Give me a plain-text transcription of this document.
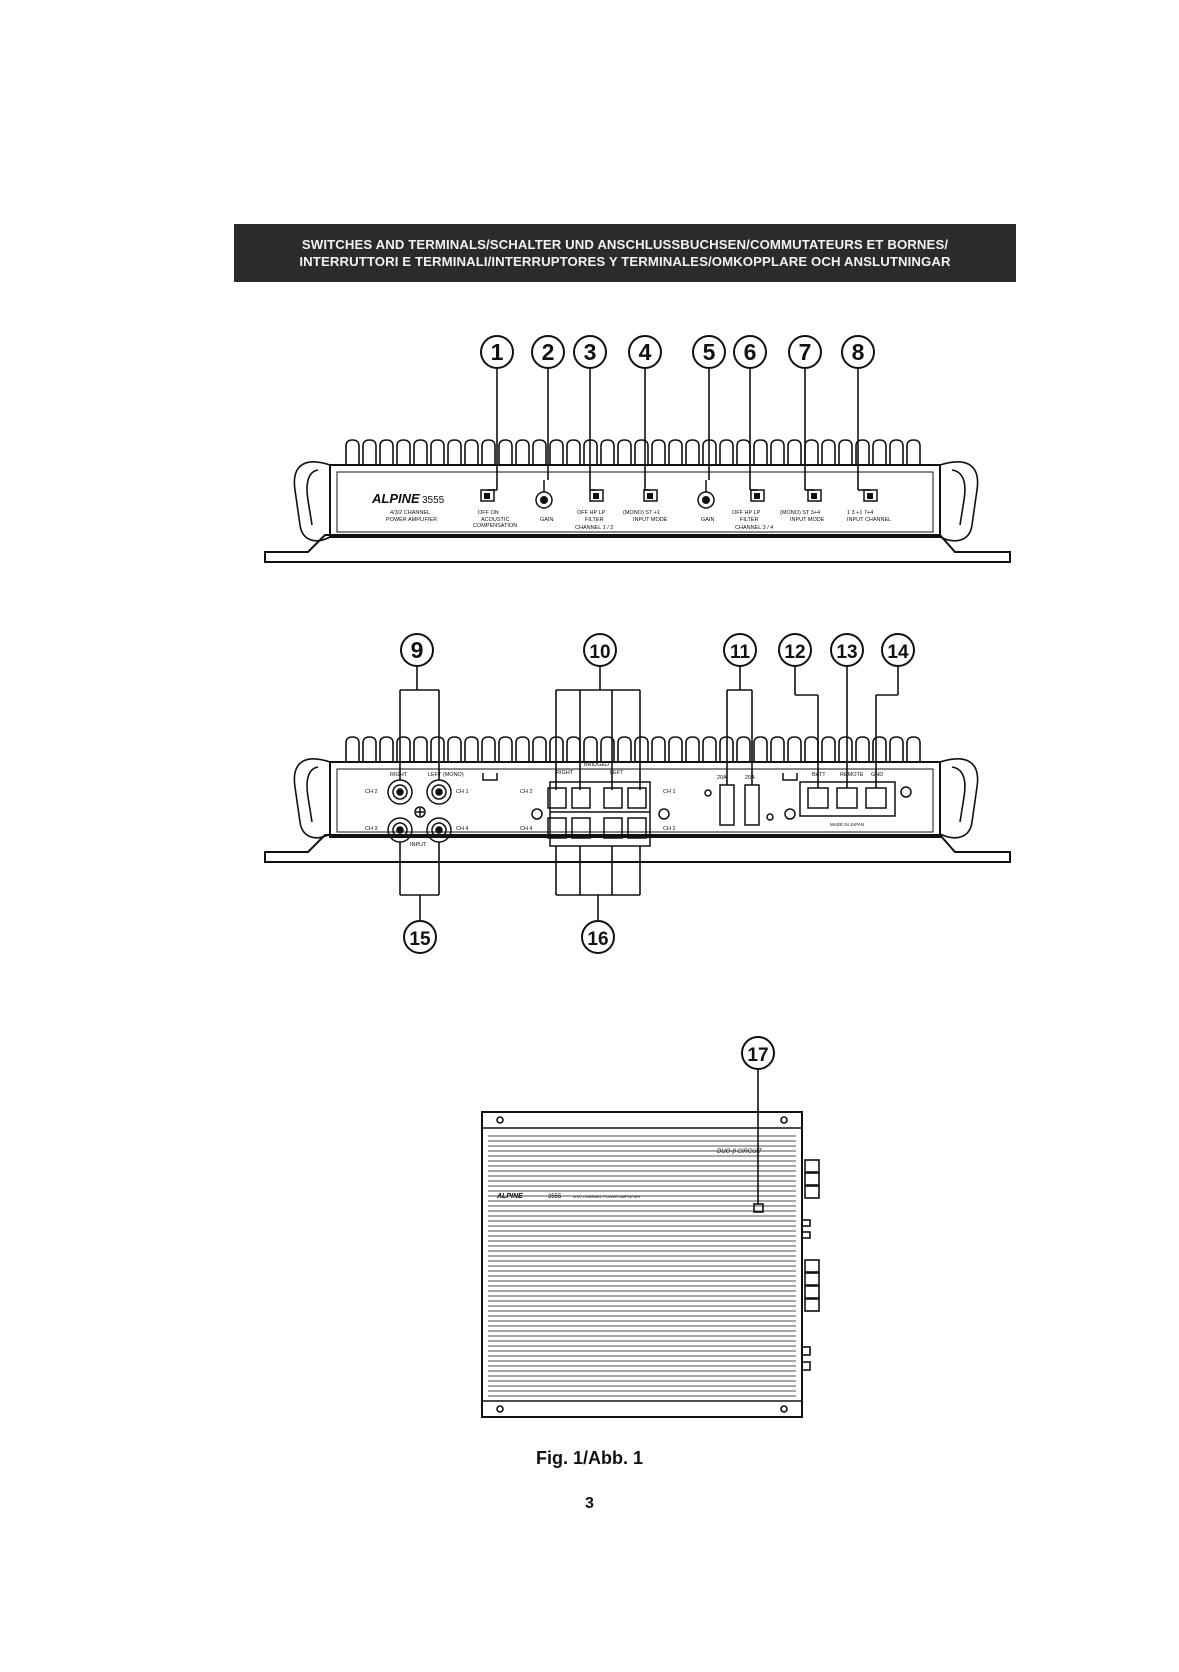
SWITCHES AND TERMINALS/SCHALTER UND ANSCHLUSSBUCHSEN/COMMUTATEURS ET BORNES/
INTERRUTTORI E TERMINALI/INTERRUPTORES Y TERMINALES/OMKOPPLARE OCH ANSLUTNINGAR
ALPINE 3555
4/3/2 CHANNEL
POWER AMPLIFIER
OFF ON
ACOUSTIC
COMPENSATION
GAIN
OFF HP LP
FILTER
(MONO) ST +1
INPUT MODE
CHANNEL 1 / 2
GAIN
OFF HP LP
FILTER
(MONO) ST 3+4
INPUT MODE
CHANNEL 3 / 4
1 3 +1 7+4
INPUT CHANNEL
RIGHT	LEFT (MONO)
CH 2	CH 1
CH 3	CH 4
INPUT
BRIDGED
RIGHT	LEFT
CH 2	CH 1
CH 4	CH 2
20A	20A	BATT	REMOTE GND
MADE IN JAPAN
DUO-β CIRCUIT
ALPINE	3555	4/3/2 CHANNEL POWER AMPLIFIER
1 2 3 4 5 6 7 8
9	10	11 12 13 14
15	16
17
Fig. 1/Abb. 1
3
